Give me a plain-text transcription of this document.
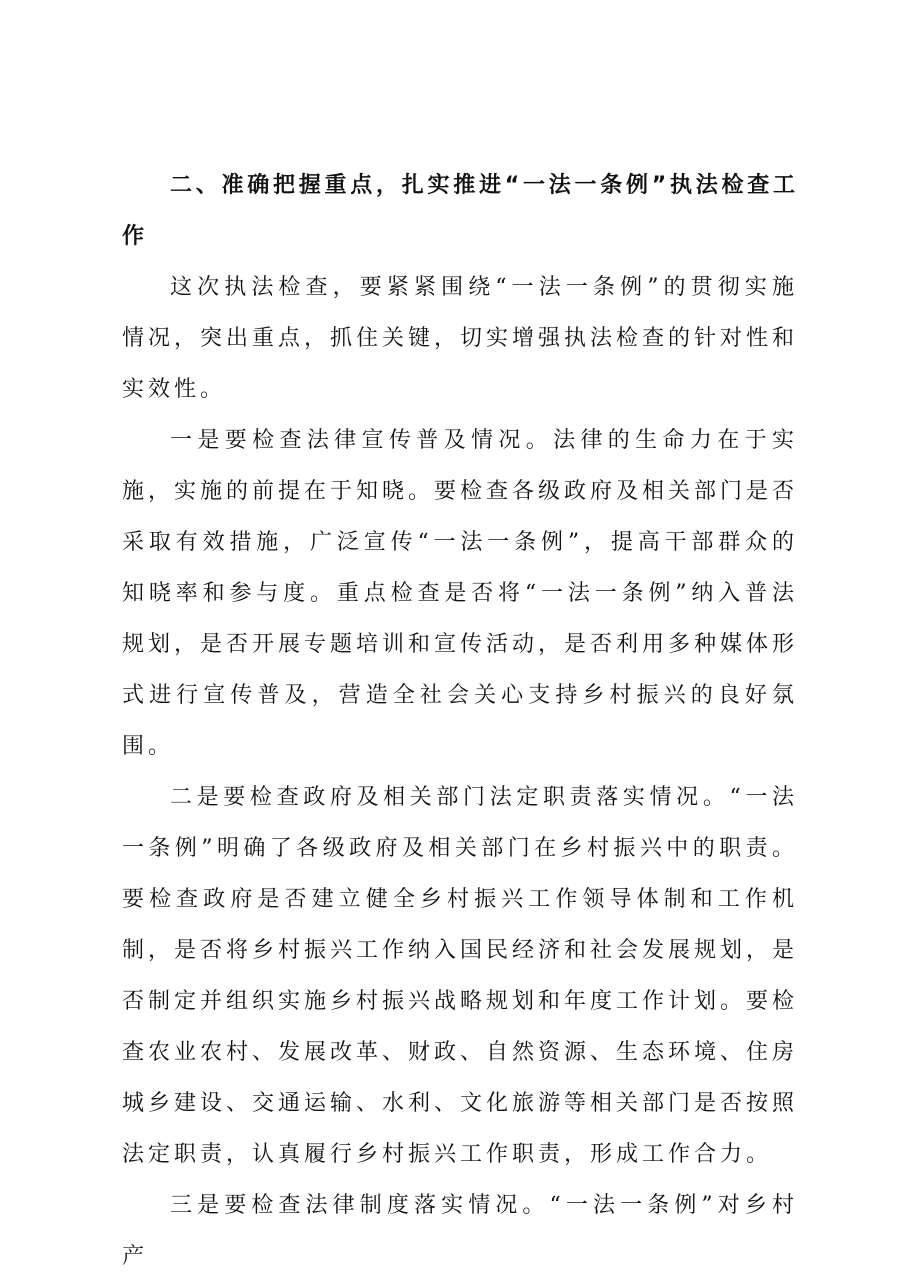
二、准确把握重点，扎实推进“一法一条例”执法检查工作

这次执法检查，要紧紧围绕“一法一条例”的贯彻实施情况，突出重点，抓住关键，切实增强执法检查的针对性和实效性。

一是要检查法律宣传普及情况。法律的生命力在于实施，实施的前提在于知晓。要检查各级政府及相关部门是否采取有效措施，广泛宣传“一法一条例”，提高干部群众的知晓率和参与度。重点检查是否将“一法一条例”纳入普法规划，是否开展专题培训和宣传活动，是否利用多种媒体形式进行宣传普及，营造全社会关心支持乡村振兴的良好氛围。

二是要检查政府及相关部门法定职责落实情况。“一法一条例”明确了各级政府及相关部门在乡村振兴中的职责。要检查政府是否建立健全乡村振兴工作领导体制和工作机制，是否将乡村振兴工作纳入国民经济和社会发展规划，是否制定并组织实施乡村振兴战略规划和年度工作计划。要检查农业农村、发展改革、财政、自然资源、生态环境、住房城乡建设、交通运输、水利、文化旅游等相关部门是否按照法定职责，认真履行乡村振兴工作职责，形成工作合力。

三是要检查法律制度落实情况。“一法一条例”对乡村产
